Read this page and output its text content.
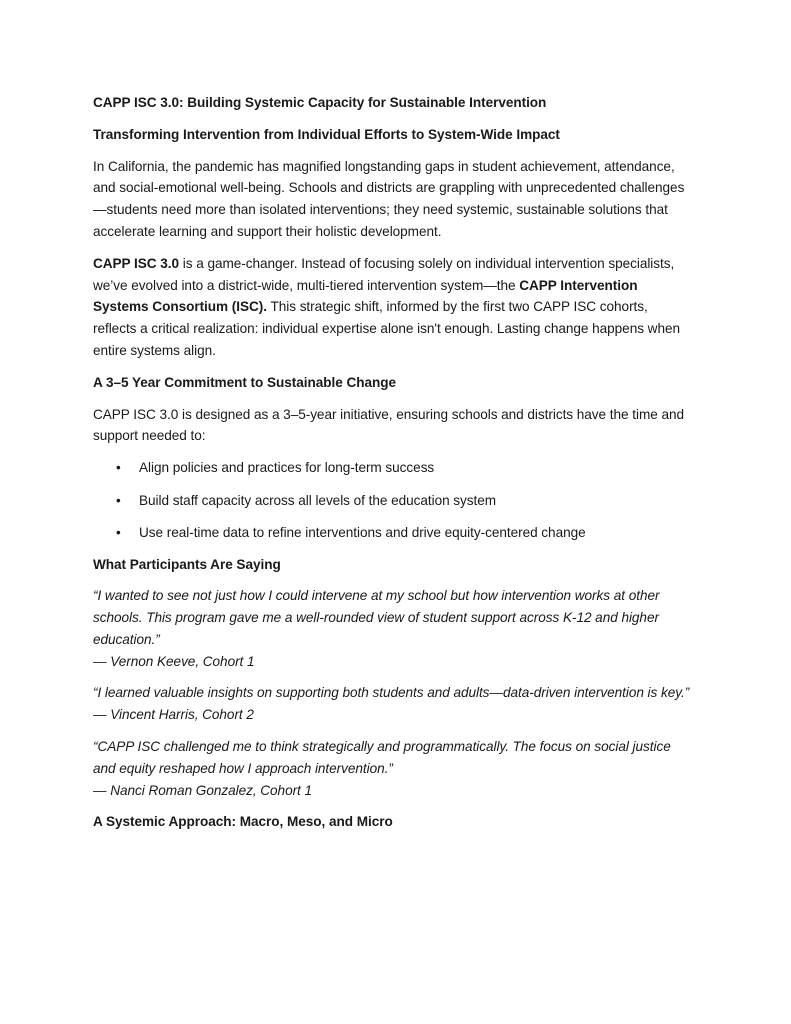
CAPP ISC 3.0: Building Systemic Capacity for Sustainable Intervention
Transforming Intervention from Individual Efforts to System-Wide Impact

In California, the pandemic has magnified longstanding gaps in student achievement, attendance, and social-emotional well-being. Schools and districts are grappling with unprecedented challenges—students need more than isolated interventions; they need systemic, sustainable solutions that accelerate learning and support their holistic development.

CAPP ISC 3.0 is a game-changer. Instead of focusing solely on individual intervention specialists, we’ve evolved into a district-wide, multi-tiered intervention system—the CAPP Intervention Systems Consortium (ISC). This strategic shift, informed by the first two CAPP ISC cohorts, reflects a critical realization: individual expertise alone isn't enough. Lasting change happens when entire systems align.

A 3–5 Year Commitment to Sustainable Change

CAPP ISC 3.0 is designed as a 3–5-year initiative, ensuring schools and districts have the time and support needed to:

• Align policies and practices for long-term success
• Build staff capacity across all levels of the education system
• Use real-time data to refine interventions and drive equity-centered change
What Participants Are Saying
“I wanted to see not just how I could intervene at my school but how intervention works at other schools. This program gave me a well-rounded view of student support across K-12 and higher education.”
— Vernon Keeve, Cohort 1
“I learned valuable insights on supporting both students and adults—data-driven intervention is key.”
— Vincent Harris, Cohort 2
“CAPP ISC challenged me to think strategically and programmatically. The focus on social justice and equity reshaped how I approach intervention.”
— Nanci Roman Gonzalez, Cohort 1
A Systemic Approach: Macro, Meso, and Micro
